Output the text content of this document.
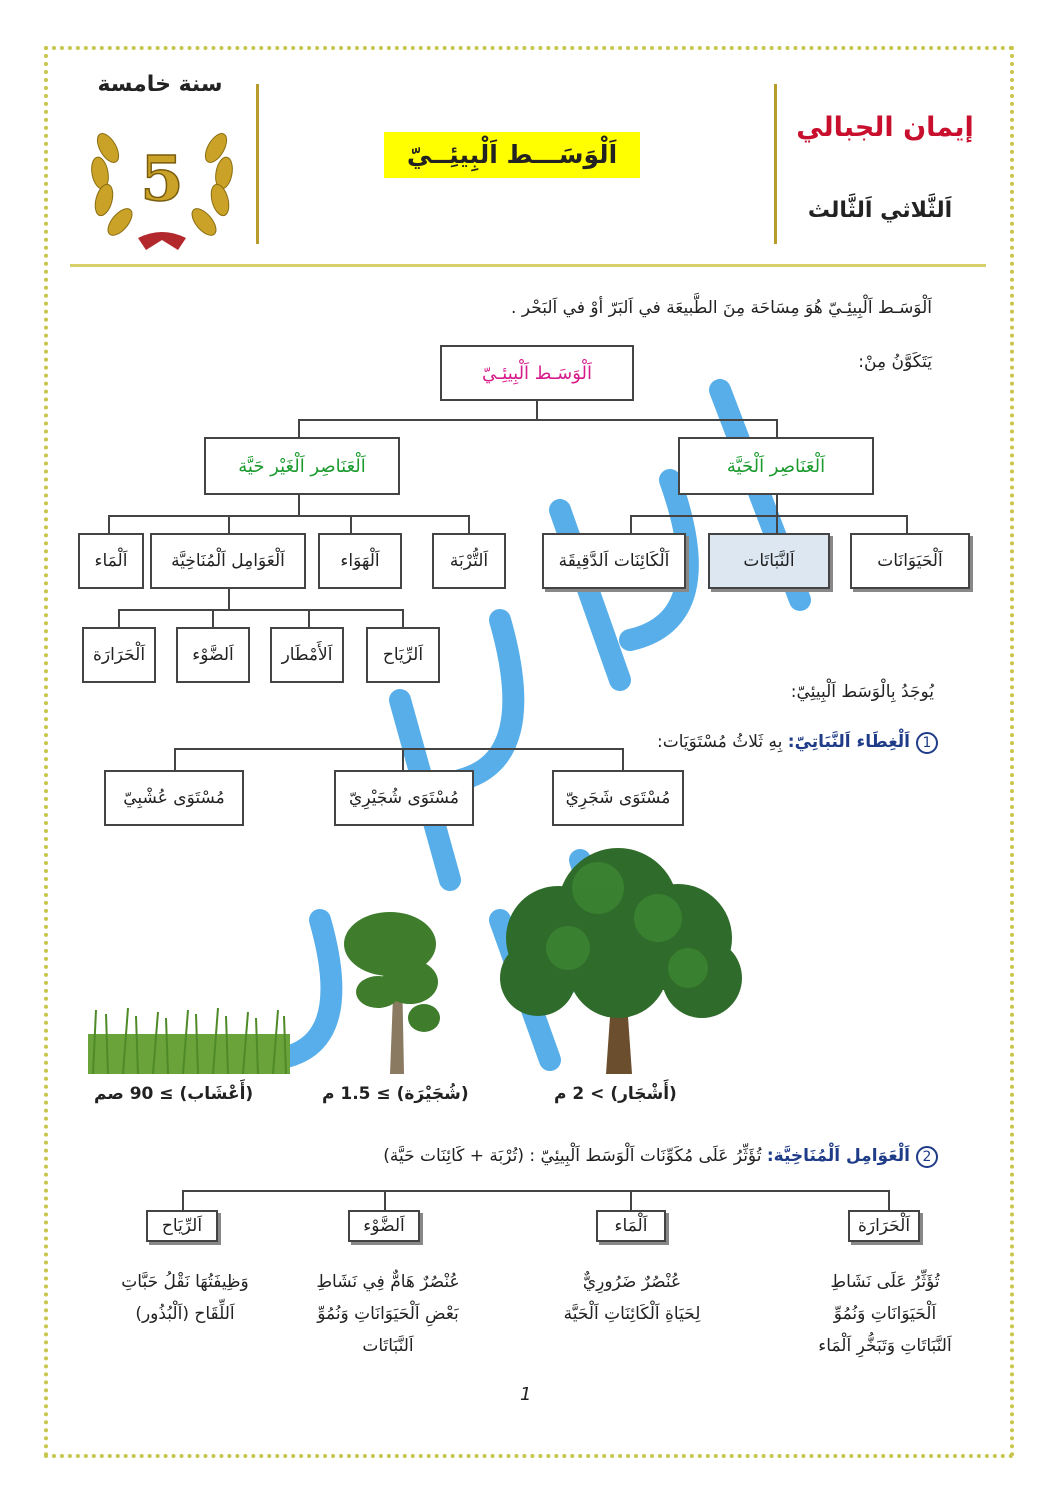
إيمان الجبالي
اَلثَّلاثي اَلثَّالث
اَلْوَسَـــط اَلْبِيئِــيّ
سنة خامسة
5
اَلْوَسَـط اَلْبِيئِـيّ هُوَ مِسَاحَة مِنَ الطَّبيعَة في اَلبَرّ أوْ في اَلبَحْر .
يَتَكَوَّنُ مِنْ:
اَلْوَسَـط اَلْبِيئِـيّ
اَلْعَنَاصِر اَلْغَيْر حَيَّة	اَلْعَنَاصِر اَلْحَيَّة
اَلْحَيَوَانَات
اَلنَّبَاتَات
اَلْكَائِنَات اَلدَّقِيقَة
اَلتُّرْبَة
اَلْهَوَاء
اَلْعَوَامِل اَلْمُنَاخِيَّة
اَلْمَاء
اَلرِّيَاح
اَلأَمْطَار
اَلضَّوْء
اَلْحَرَارَة
يُوجَدُ بِالْوَسَط اَلْبِيئِيّ:
1اَلْغِطَاء اَلنَّبَاتِيّ: بِهِ ثَلاثُ مُسْتَوَيَات:
مُسْتَوَى شَجَرِيّ
مُسْتَوَى شُجَيْرِيّ
مُسْتَوَى عُشْبِيّ
(أَشْجَار) > 2 م
(شُجَيْرَة) ≥ 1.5 م
(أَعْشَاب) ≥ 90 صم
2اَلْعَوَامِل اَلْمُنَاخِيَّة: تُؤَثِّرُ عَلَى مُكَوِّنَات اَلْوَسَط اَلْبِيئِيّ : (تُرْبَة + كَائِنَات حَيَّة)
اَلْحَرَارَة
اَلْمَاء
اَلضَّوْء
اَلرِّيَاح
تُؤَثِّرُ عَلَى نَشَاطِ
اَلْحَيَوَانَاتِ وَنُمُوِّ
اَلنَّبَاتَاتِ وَتَبَخُّرِ اَلْمَاء
عُنْصُرٌ ضَرُورِيٌّ
لِحَيَاةِ اَلْكَائِنَاتِ اَلْحَيَّة
عُنْصُرٌ هَامٌّ فِي نَشَاطِ
بَعْضِ اَلْحَيَوَانَاتِ وَنُمُوِّ
اَلنَّبَاتَات
وَظِيفَتُهَا نَقْلُ حَبَّاتِ
اَللِّقَاح (اَلْبُذُور)
1
